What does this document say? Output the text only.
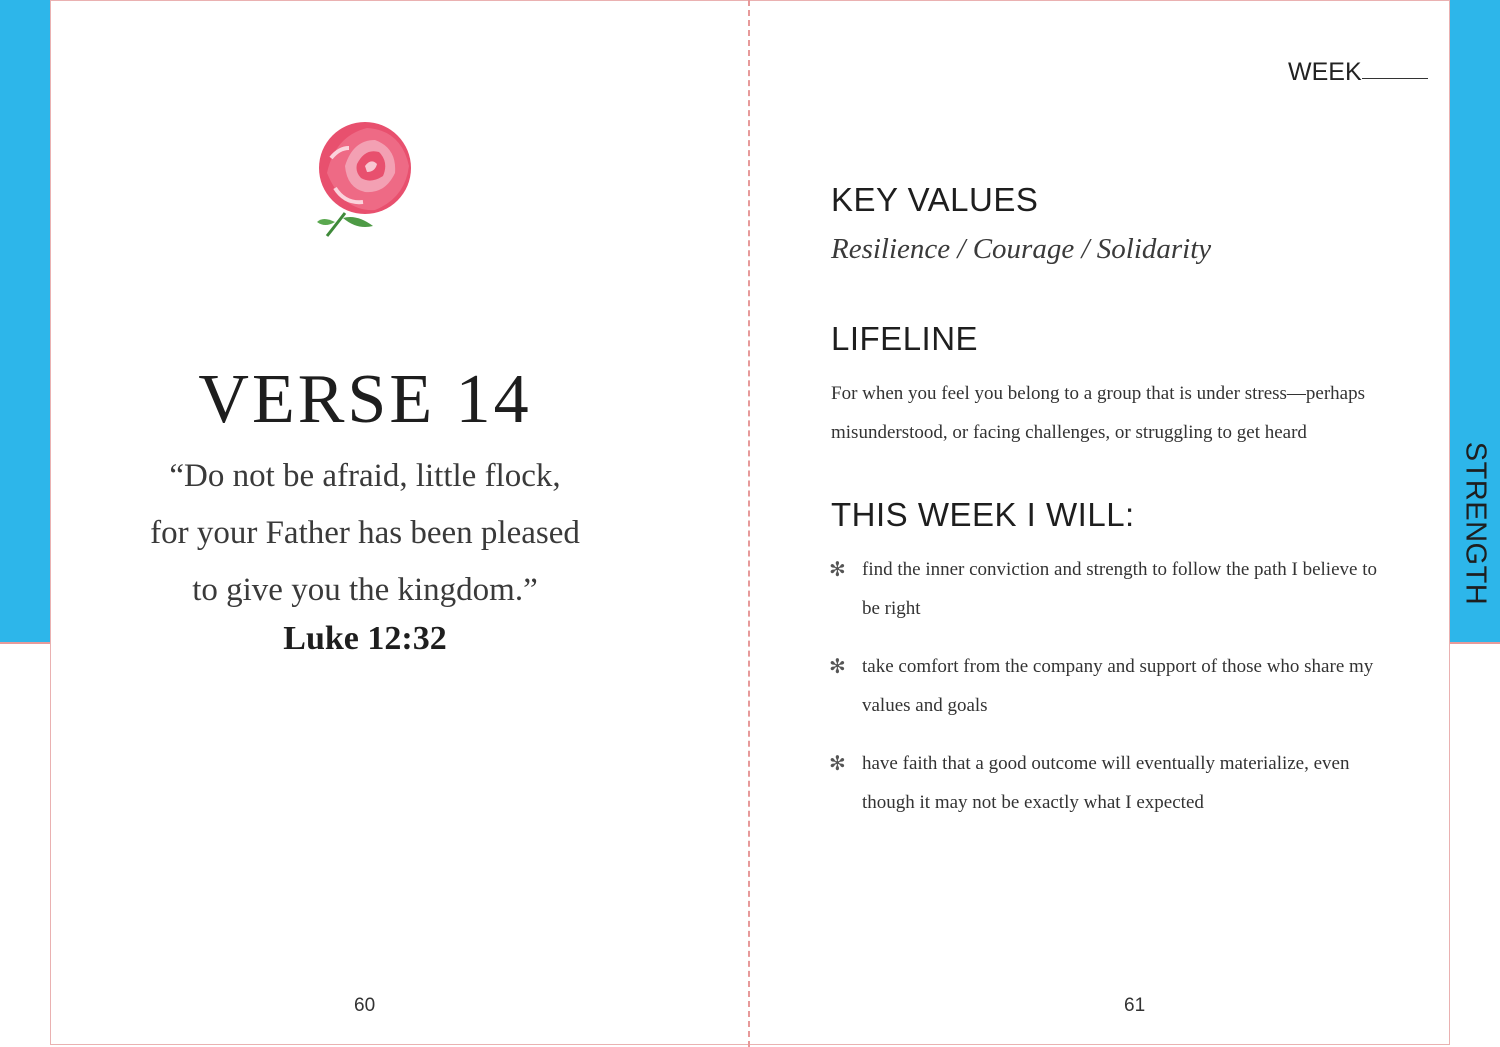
VERSE 14
“Do not be afraid, little flock,
for your Father has been pleased
to give you the kingdom.”
Luke 12:32
60
WEEK
KEY VALUES
Resilience / Courage / Solidarity
LIFELINE
For when you feel you belong to a group that is under stress—perhaps misunderstood, or facing challenges, or struggling to get heard
THIS WEEK I WILL:
✻ find the inner conviction and strength to follow the path I believe to be right
✻ take comfort from the company and support of those who share my values and goals
✻ have faith that a good outcome will eventually materialize, even though it may not be exactly what I expected
STRENGTH
61
